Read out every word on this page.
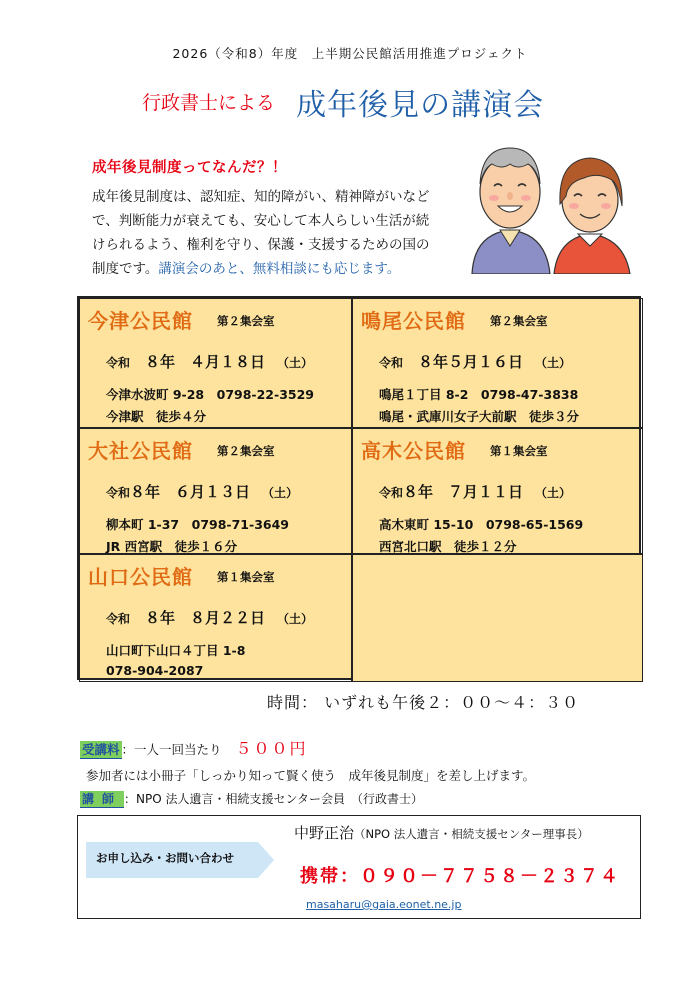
2026（令和8）年度　上半期公民館活用推進プロジェクト
行政書士による 成年後見の講演会
成年後見制度ってなんだ？！
成年後見制度は、認知症、知的障がい、精神障がいなどで、判断能力が衰えても、安心して本人らしい生活が続けられるよう、権利を守り、保護・支援するための国の制度です。講演会のあと、無料相談にも応じます。
今津公民館 第２集会室
令和　 ８年　４月１８日 （土）
今津水波町 9-28　0798-22-3529
今津駅　徒歩４分
鳴尾公民館 第２集会室
令和　 ８年５月１６日 （土）
鳴尾１丁目 8-2　0798-47-3838
鳴尾・武庫川女子大前駅　徒歩３分
大社公民館 第２集会室
令和８年　６月１３日 （土）
柳本町 1-37　0798-71-3649
JR 西宮駅　徒歩１６分
高木公民館 第１集会室
令和８年　７月１１日 （土）
高木東町 15-10　0798-65-1569
西宮北口駅　徒歩１２分
山口公民館 第１集会室
令和　 ８年　８月２２日 （土）
山口町下山口４丁目 1-8
078-904-2087
時間： いずれも午後２：００～４：３０
受講料 ：一人一回当たり ５００円
参加者には小冊子「しっかり知って賢く使う　成年後見制度」を差し上げます。
講師 ：NPO 法人遺言・相続支援センター会員　（行政書士）
お申し込み・お問い合わせ
中野正治（NPO 法人遺言・相続支援センター理事長）
携帯：０９０－７７５８－２３７４
masaharu@gaia.eonet.ne.jp
